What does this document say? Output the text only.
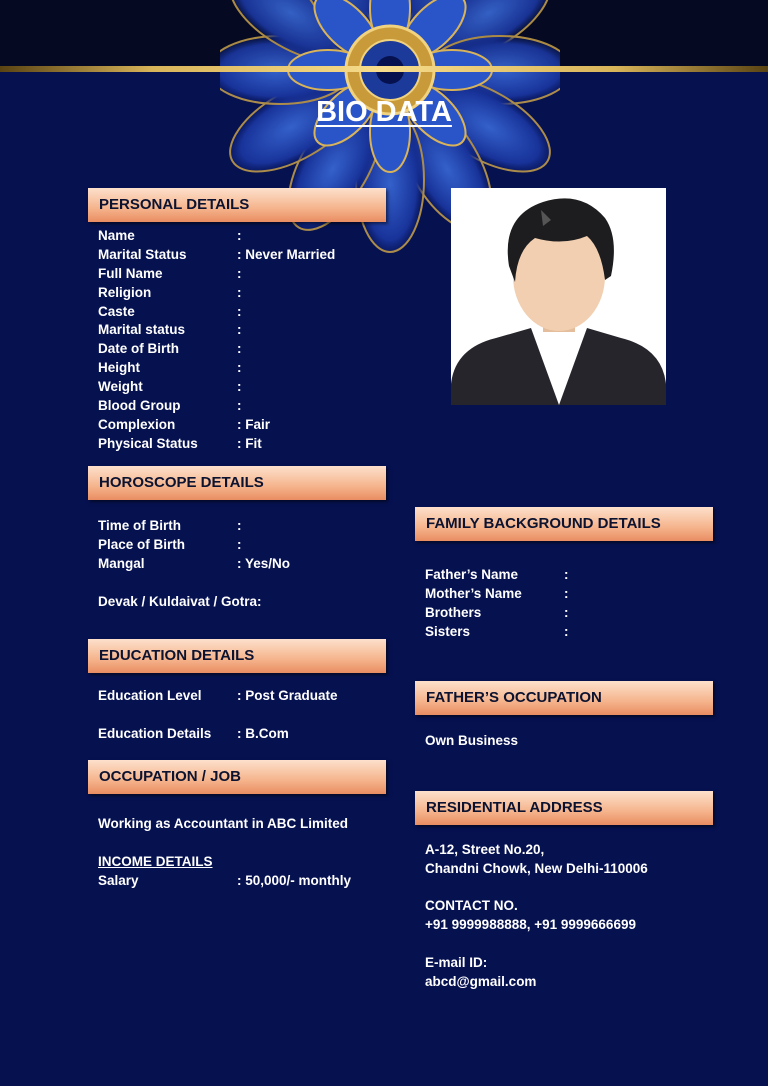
BIO DATA
PERSONAL DETAILS
Name	:
Marital Status	: Never Married
Full Name	:
Religion	:
Caste	:
Marital status	:
Date of Birth	:
Height	:
Weight	:
Blood Group	:
Complexion	: Fair
Physical Status	: Fit
HOROSCOPE DETAILS
Time of Birth	:
Place of Birth	:
Mangal	: Yes/No
Devak / Kuldaivat / Gotra:
EDUCATION DETAILS
Education Level	: Post Graduate
Education Details : B.Com
OCCUPATION / JOB
Working as Accountant in ABC Limited
INCOME DETAILS
Salary	: 50,000/- monthly
FAMILY BACKGROUND DETAILS
Father’s Name	:
Mother’s Name	:
Brothers	:
Sisters	:
FATHER’S OCCUPATION
Own Business
RESIDENTIAL ADDRESS
A-12, Street No.20,
Chandni Chowk, New Delhi-110006
CONTACT NO.
+91 9999988888, +91 9999666699
E-mail ID:
abcd@gmail.com
